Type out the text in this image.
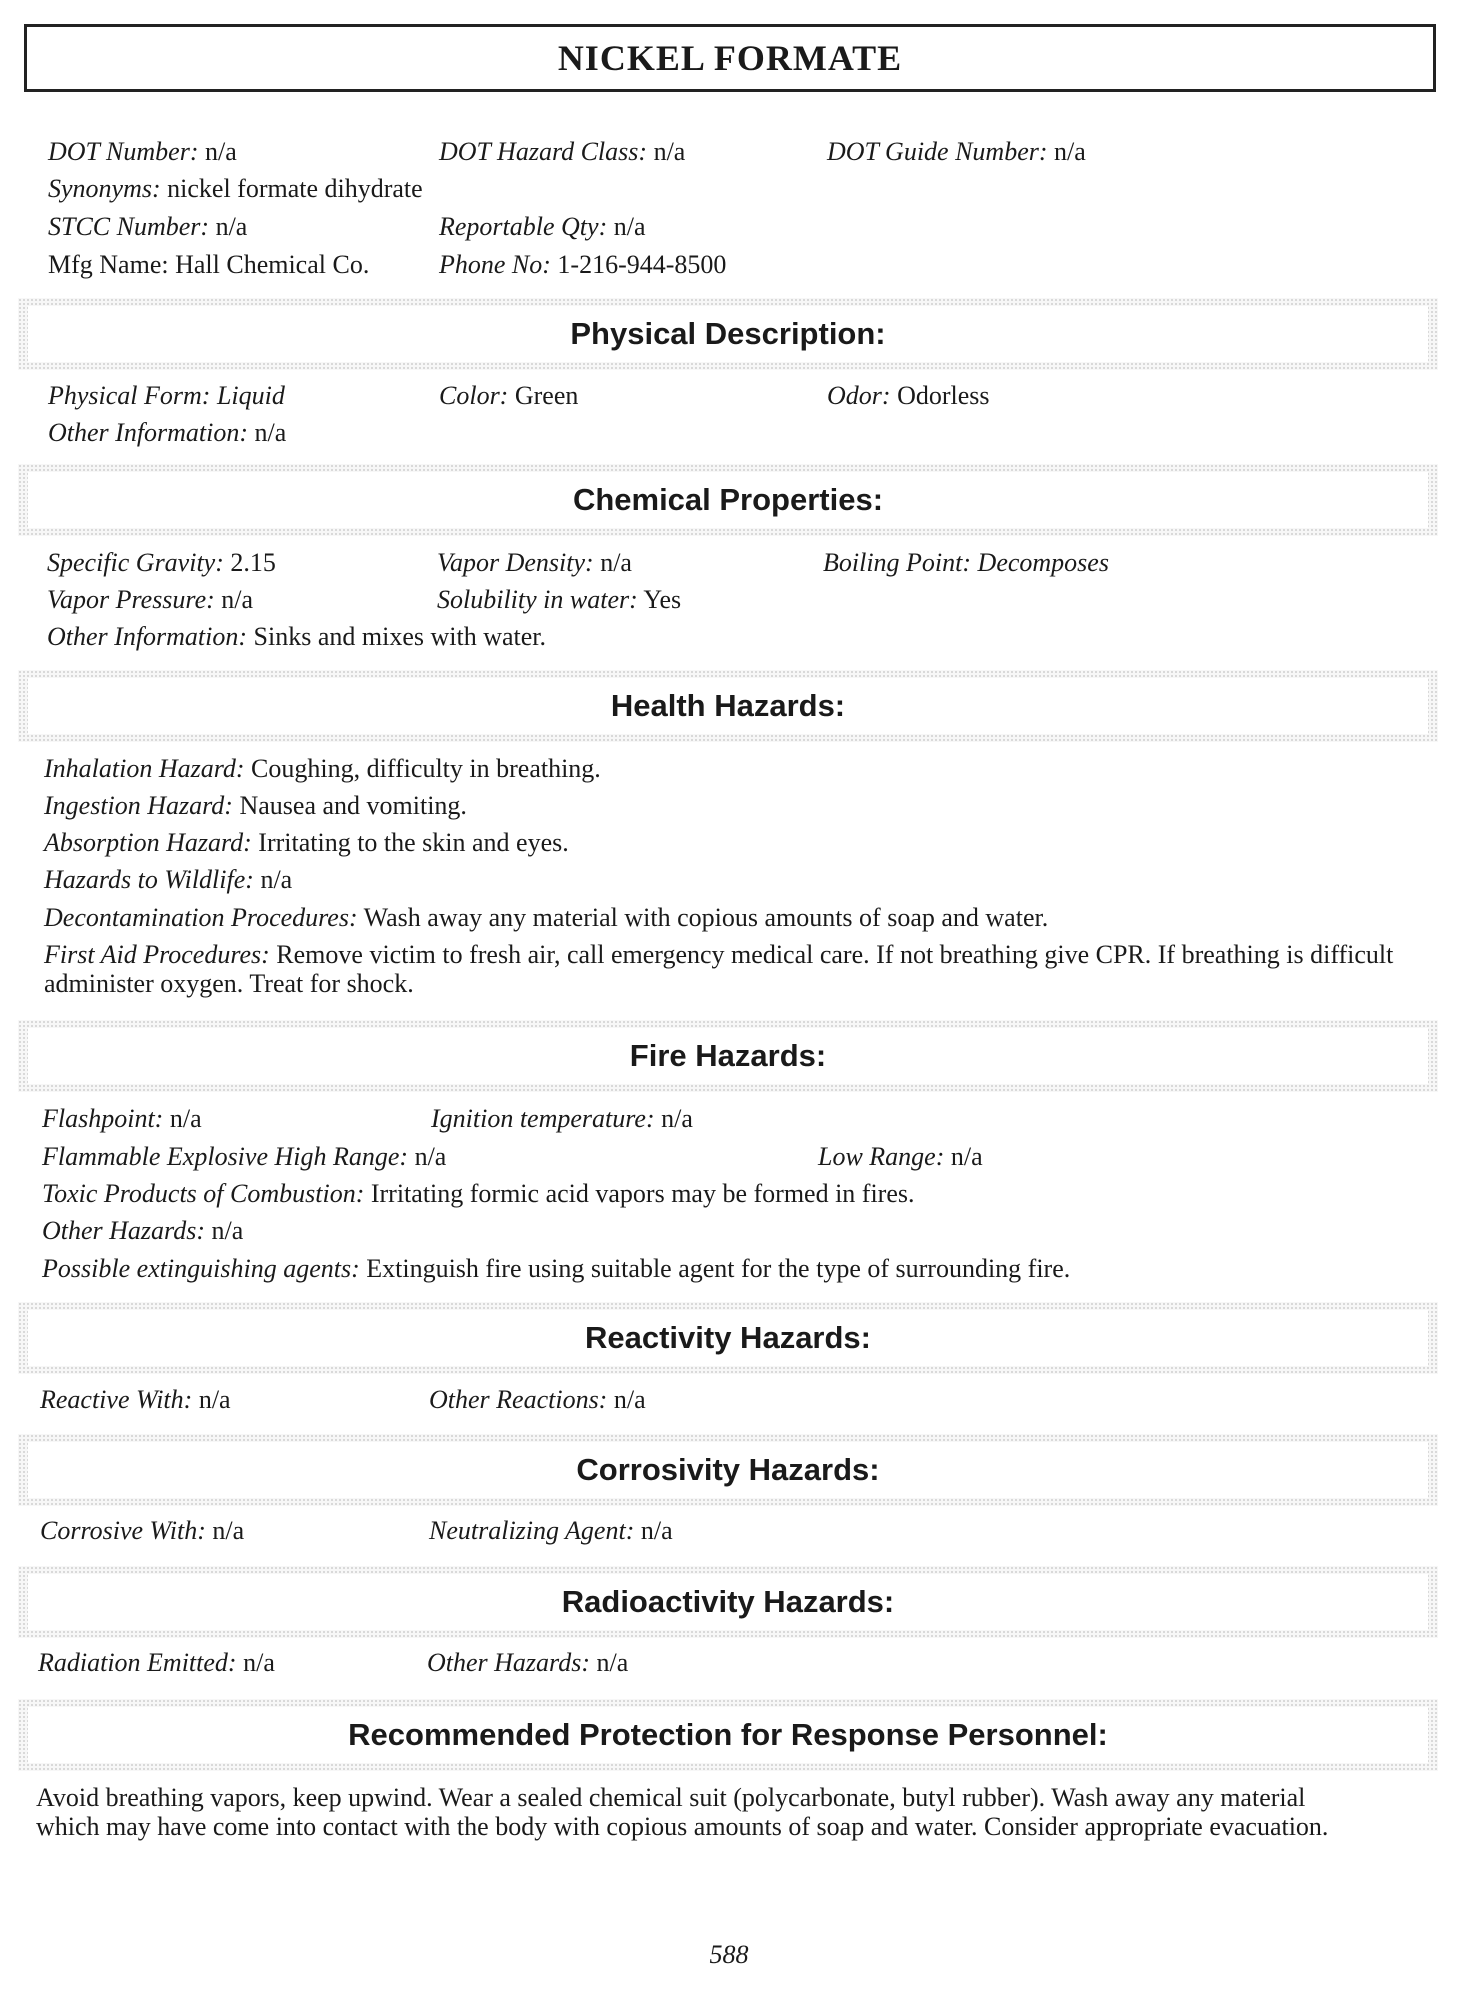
NICKEL FORMATE
DOT Number: n/a	DOT Hazard Class: n/a	DOT Guide Number: n/a
Synonyms: nickel formate dihydrate
STCC Number: n/a	Reportable Qty: n/a
Mfg Name: Hall Chemical Co.	Phone No: 1-216-944-8500
Physical Description:
Physical Form: Liquid	Color: Green	Odor: Odorless
Other Information: n/a
Chemical Properties:
Specific Gravity: 2.15	Vapor Density: n/a	Boiling Point: Decomposes
Vapor Pressure: n/a	Solubility in water: Yes
Other Information: Sinks and mixes with water.
Health Hazards:
Inhalation Hazard: Coughing, difficulty in breathing.
Ingestion Hazard: Nausea and vomiting.
Absorption Hazard: Irritating to the skin and eyes.
Hazards to Wildlife: n/a
Decontamination Procedures: Wash away any material with copious amounts of soap and water.
First Aid Procedures: Remove victim to fresh air, call emergency medical care. If not breathing give CPR. If breathing is difficult administer oxygen. Treat for shock.
Fire Hazards:
Flashpoint: n/a	Ignition temperature: n/a
Flammable Explosive High Range: n/a	Low Range: n/a
Toxic Products of Combustion: Irritating formic acid vapors may be formed in fires.
Other Hazards: n/a
Possible extinguishing agents: Extinguish fire using suitable agent for the type of surrounding fire.
Reactivity Hazards:
Reactive With: n/a	Other Reactions: n/a
Corrosivity Hazards:
Corrosive With: n/a	Neutralizing Agent: n/a
Radioactivity Hazards:
Radiation Emitted: n/a	Other Hazards: n/a
Recommended Protection for Response Personnel:
Avoid breathing vapors, keep upwind. Wear a sealed chemical suit (polycarbonate, butyl rubber). Wash away any material which may have come into contact with the body with copious amounts of soap and water. Consider appropriate evacuation.
588
